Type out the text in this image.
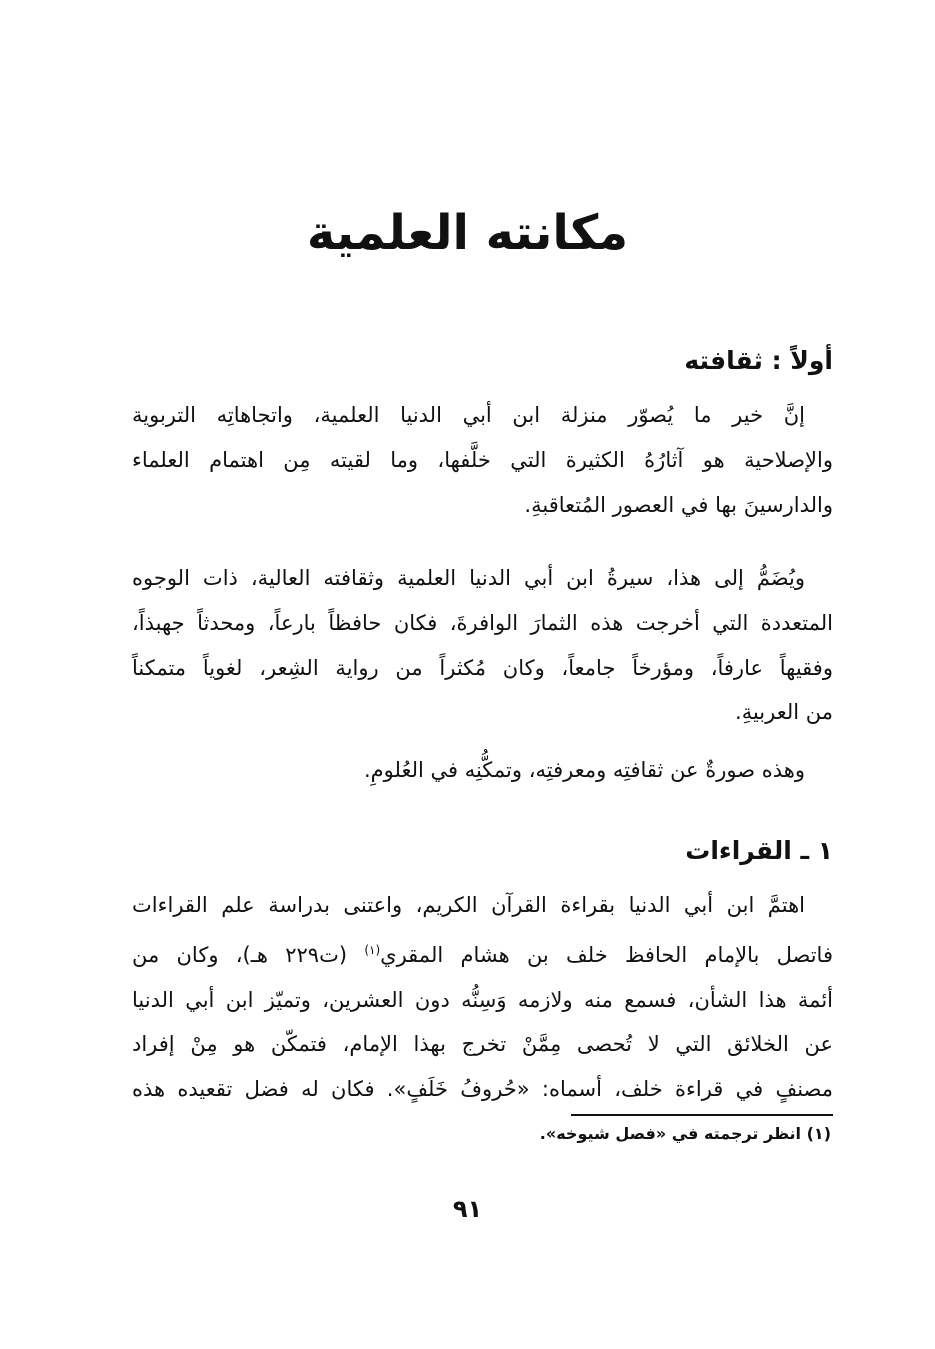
مكانته العلمية
أولاً : ثقافته
إنَّ خير ما يُصوّر منزلة ابن أبي الدنيا العلمية، واتجاهاتِه التربوية
والإصلاحية هو آثارُهُ الكثيرة التي خلَّفها، وما لقيته مِن اهتمام العلماء
والدارسينَ بها في العصور المُتعاقبةِ.
ويُضَمُّ إلى هذا، سيرةُ ابن أبي الدنيا العلمية وثقافته العالية، ذات الوجوه
المتعددة التي أخرجت هذه الثمارَ الوافرةَ، فكان حافظاً بارعاً، ومحدثاً جهبذاً،
وفقيهاً عارفاً، ومؤرخاً جامعاً، وكان مُكثراً من رواية الشِعر، لغوياً متمكناً
من العربيةِ.
وهذه صورةٌ عن ثقافتِه ومعرفتِه، وتمكُّنِه في العُلومِ.
١ ـ القراءات
اهتمَّ ابن أبي الدنيا بقراءة القرآن الكريم، واعتنى بدراسة علم القراءات
فاتصل بالإمام الحافظ خلف بن هشام المقري$^{(١)}$ (ت٢٢٩ هـ)، وكان من
أئمة هذا الشأن، فسمع منه ولازمه وَسِنُّه دون العشرين، وتميّز ابن أبي الدنيا
عن الخلائق التي لا تُحصى مِمَّنْ تخرج بهذا الإمام، فتمكّن هو مِنْ إفراد
مصنفٍ في قراءة خلف، أسماه: «حُروفُ خَلَفٍ». فكان له فضل تقعيده هذه
(١) انظر ترجمته في «فصل شيوخه».
٩١
